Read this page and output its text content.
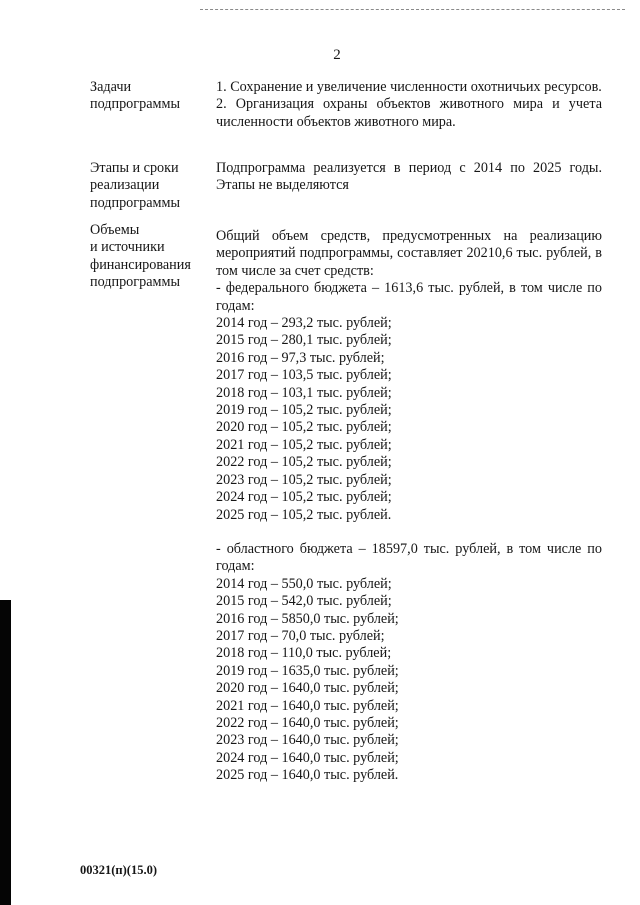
2
Задачи
подпрограммы

1. Сохранение и увеличение численности охотничьих ресурсов.

2. Организация охраны объектов животного мира и учета численности объектов животного мира.

Этапы и сроки
реализации
подпрограммы

Подпрограмма реализуется в период с 2014 по 2025 годы. Этапы не выделяются

Объемы
и источники
финансирования
подпрограммы

Общий объем средств, предусмотренных на реализацию мероприятий подпрограммы, составляет 20210,6 тыс. рублей, в том числе за счет средств:

- федерального бюджета – 1613,6 тыс. рублей, в том числе по годам:

2014 год – 293,2 тыс. рублей;
2015 год – 280,1 тыс. рублей;
2016 год – 97,3 тыс. рублей;
2017 год – 103,5 тыс. рублей;
2018 год – 103,1 тыс. рублей;
2019 год – 105,2 тыс. рублей;
2020 год – 105,2 тыс. рублей;
2021 год – 105,2 тыс. рублей;
2022 год – 105,2 тыс. рублей;
2023 год – 105,2 тыс. рублей;
2024 год – 105,2 тыс. рублей;
2025 год – 105,2 тыс. рублей.

- областного бюджета – 18597,0 тыс. рублей, в том числе по годам:

2014 год – 550,0 тыс. рублей;
2015 год – 542,0 тыс. рублей;
2016 год – 5850,0 тыс. рублей;
2017 год – 70,0 тыс. рублей;
2018 год – 110,0 тыс. рублей;
2019 год – 1635,0 тыс. рублей;
2020 год – 1640,0 тыс. рублей;
2021 год – 1640,0 тыс. рублей;
2022 год – 1640,0 тыс. рублей;
2023 год – 1640,0 тыс. рублей;
2024 год – 1640,0 тыс. рублей;
2025 год – 1640,0 тыс. рублей.
00321(п)(15.0)
